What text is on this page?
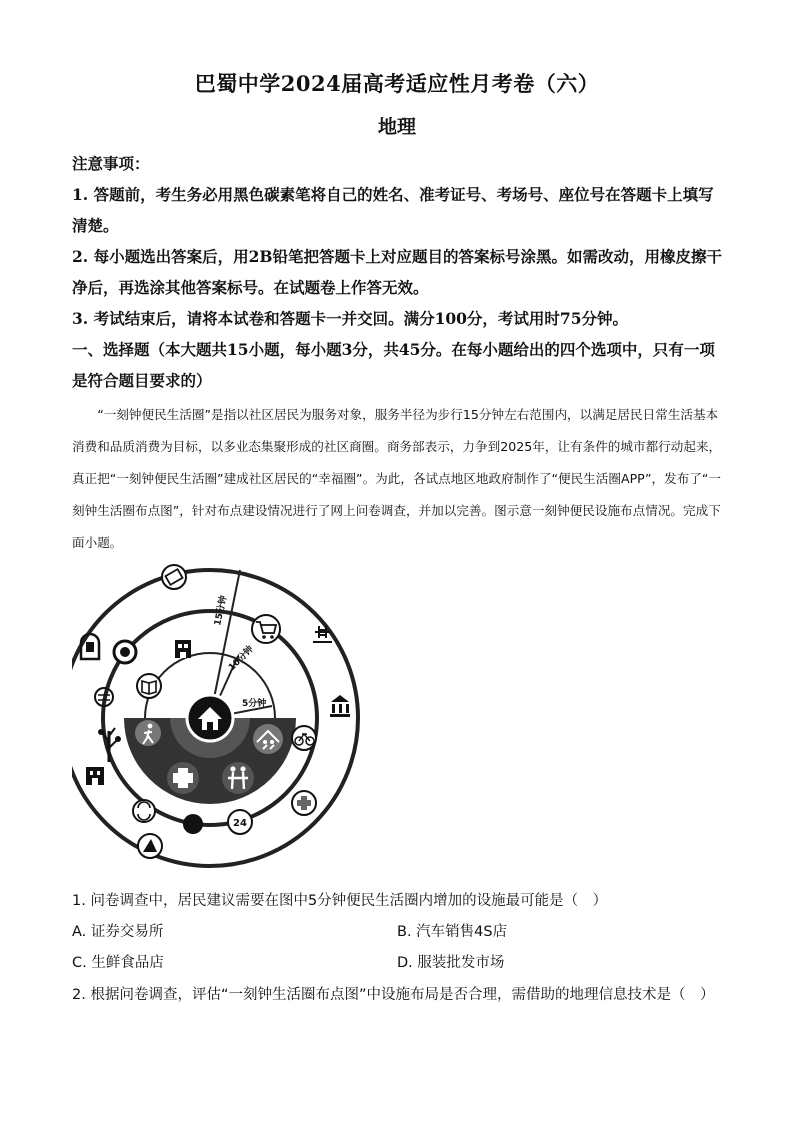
巴蜀中学2024届高考适应性月考卷（六）
地理

注意事项：

1. 答题前，考生务必用黑色碳素笔将自己的姓名、准考证号、考场号、座位号在答题卡上填写清楚。

2. 每小题选出答案后，用2B铅笔把答题卡上对应题目的答案标号涂黑。如需改动，用橡皮擦干净后，再选涂其他答案标号。在试题卷上作答无效。

3. 考试结束后，请将本试卷和答题卡一并交回。满分100分，考试用时75分钟。

一、选择题（本大题共15小题，每小题3分，共45分。在每小题给出的四个选项中，只有一项是符合题目要求的）

“一刻钟便民生活圈”是指以社区居民为服务对象，服务半径为步行15分钟左右范围内，以满足居民日常生活基本消费和品质消费为目标，以多业态集聚形成的社区商圈。商务部表示，力争到2025年，让有条件的城市都行动起来，真正把“一刻钟便民生活圈”建成社区居民的“幸福圈”。为此，各试点地区地政府制作了“便民生活圈APP”，发布了“一刻钟生活圈布点图”，针对布点建设情况进行了网上问卷调查，并加以完善。图示意一刻钟便民设施布点情况。完成下面小题。

5分钟
10分钟
15分钟
24
1. 问卷调查中，居民建议需要在图中5分钟便民生活圈内增加的设施最可能是（　）
A. 证券交易所	B. 汽车销售4S店
C. 生鲜食品店	D. 服装批发市场
2. 根据问卷调查，评估“一刻钟生活圈布点图”中设施布局是否合理，需借助的地理信息技术是（　）
